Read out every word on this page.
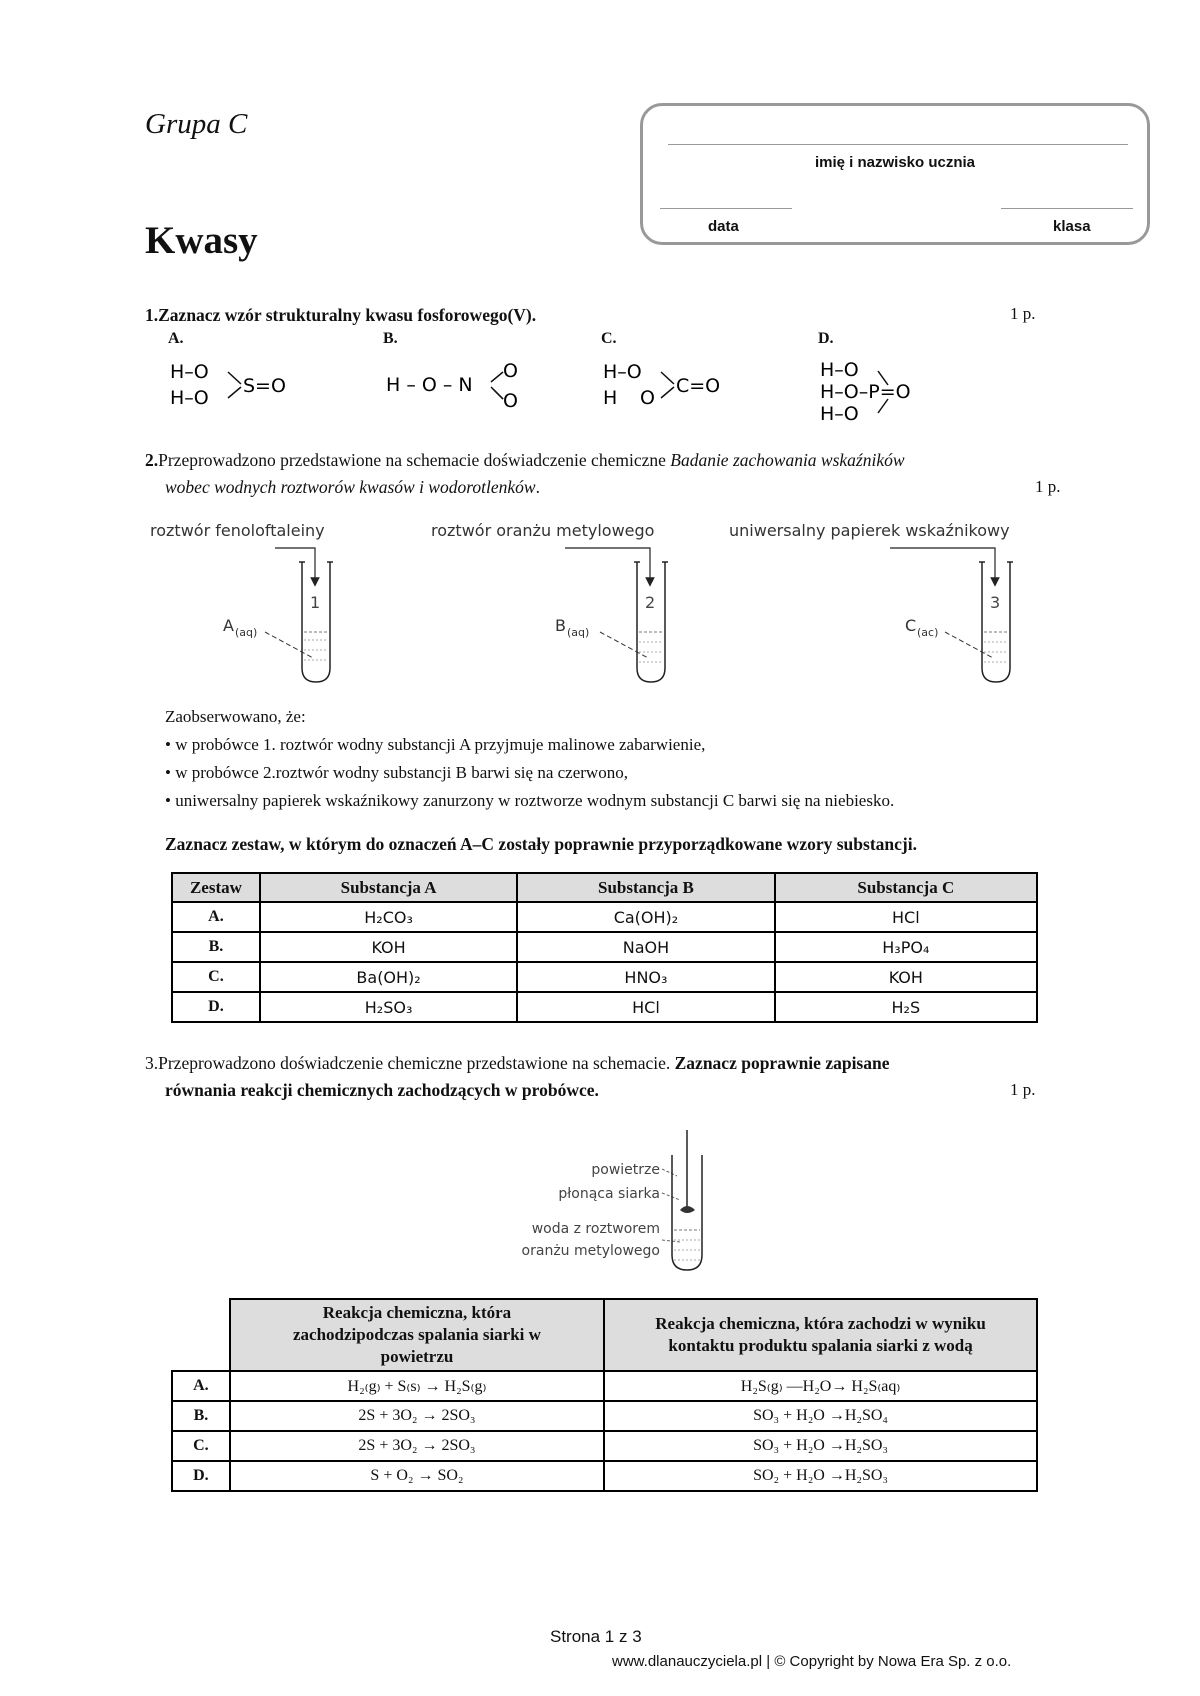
Grupa C
Kwasy
imię i nazwisko ucznia
data	klasa
1.Zaznacz wzór strukturalny kwasu fosforowego(V).	1 p.
A.	B.	C.	D.
H–O
H–O
S=O	H – O – N
O
O
H–O
H O
C=O
H–O
H–O–P=O
H–O
2.Przeprowadzono przedstawione na schemacie doświadczenie chemiczne Badanie zachowania wskaźników
wobec wodnych roztworów kwasów i wodorotlenków.	1 p.
roztwór fenoloftaleiny
1
A (aq)
roztwór oranżu metylowego
2
B (aq)
uniwersalny papierek wskaźnikowy
3
C (ac)
Zaobserwowano, że:
• w probówce 1. roztwór wodny substancji A przyjmuje malinowe zabarwienie,
• w probówce 2.roztwór wodny substancji B barwi się na czerwono,
• uniwersalny papierek wskaźnikowy zanurzony w roztworze wodnym substancji C barwi się na niebiesko.
Zaznacz zestaw, w którym do oznaczeń A–C zostały poprawnie przyporządkowane wzory substancji.
Zestaw	Substancja A	Substancja B	Substancja C
A.	H₂CO₃	Ca(OH)₂	HCl
B.	KOH	NaOH	H₃PO₄
C.	Ba(OH)₂	HNO₃	KOH
D.	H₂SO₃	HCl	H₂S
3.Przeprowadzono doświadczenie chemiczne przedstawione na schemacie. Zaznacz poprawnie zapisane
równania reakcji chemicznych zachodzących w probówce.	1 p.
powietrze
płonąca siarka
woda z roztworem
oranżu metylowego
	Reakcja chemiczna, która zachodzipodczas spalania siarki w powietrzu	Reakcja chemiczna, która zachodzi w wyniku kontaktu produktu spalania siarki z wodą
A.	H₂₍g₎ + S₍s₎ → H₂S₍g₎	H₂S₍g₎ —H₂O→ H₂S₍aq₎
B.	2S + 3O₂ → 2SO₃	SO₃ + H₂O →H₂SO₄
C.	2S + 3O₂ → 2SO₃	SO₃ + H₂O →H₂SO₃
D.	S + O₂ → SO₂	SO₂ + H₂O →H₂SO₃
Strona 1 z 3
www.dlanauczyciela.pl | © Copyright by Nowa Era Sp. z o.o.
